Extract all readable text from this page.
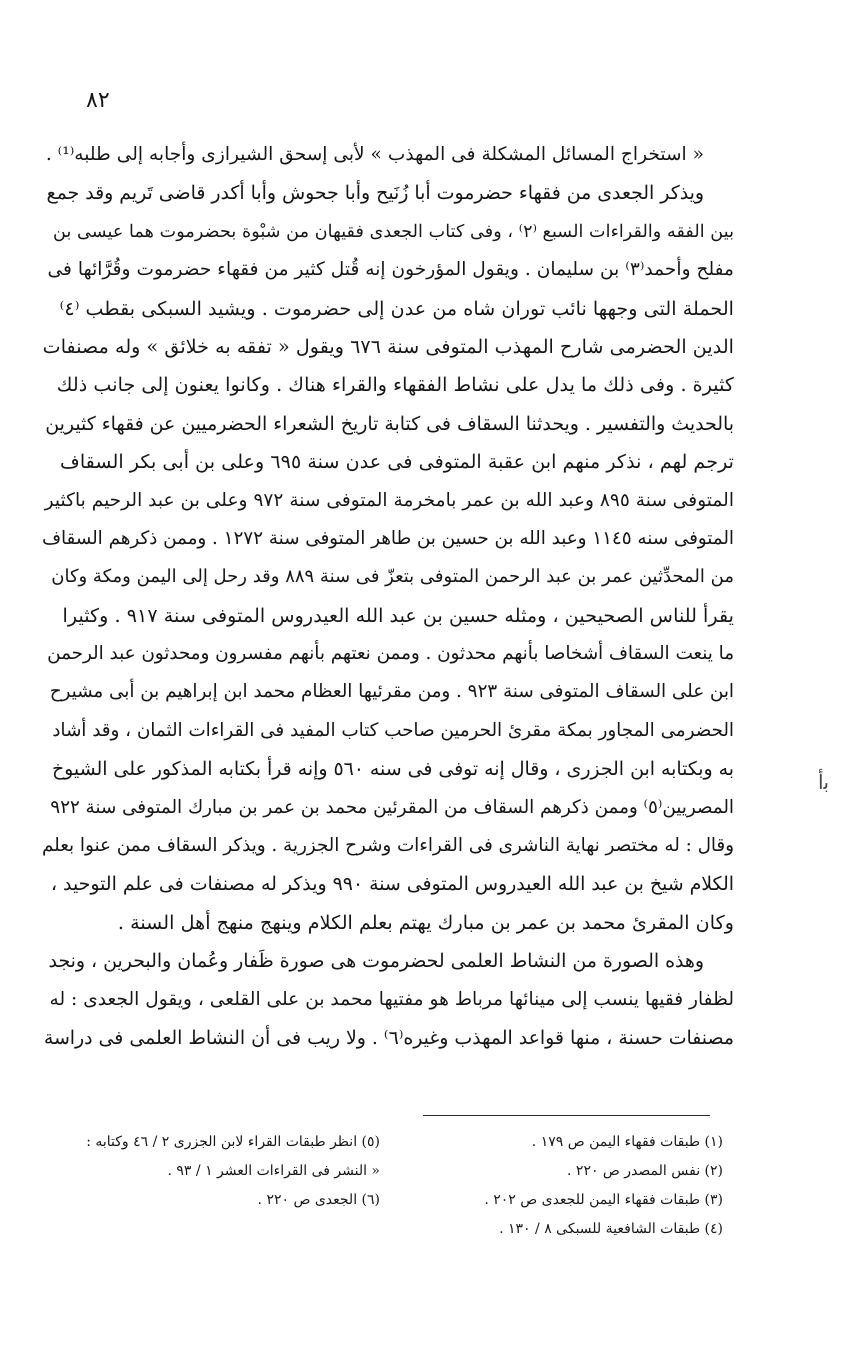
٨٢
« استخراج المسائل المشكلة فى المهذب » لأبى إسحق الشيرازى وأجابه إلى طلبه⁽¹⁾ .
ويذكر الجعدى من فقهاء حضرموت أبا زُنَيح وأبا جحوش وأبا أكدر قاضى تَريم وقد جمع
بين الفقه والقراءات السبع ⁽٢⁾ ، وفى كتاب الجعدى فقيهان من شبْوة بحضرموت هما عيسى بن
مفلح وأحمد⁽٣⁾ بن سليمان . ويقول المؤرخون إنه قُتل كثير من فقهاء حضرموت وقُرَّائها فى
الحملة التى وجهها نائب توران شاه من عدن إلى حضرموت . ويشيد السبكى بقطب ⁽٤⁾
الدين الحضرمى شارح المهذب المتوفى سنة ٦٧٦ ويقول « تفقه به خلائق » وله مصنفات
كثيرة . وفى ذلك ما يدل على نشاط الفقهاء والقراء هناك . وكانوا يعنون إلى جانب ذلك
بالحديث والتفسير . ويحدثنا السقاف فى كتابة تاريخ الشعراء الحضرميين عن فقهاء كثيرين
ترجم لهم ، نذكر منهم ابن عقبة المتوفى فى عدن سنة ٦٩٥ وعلى بن أبى بكر السقاف
المتوفى سنة ٨٩٥ وعبد الله بن عمر بامخرمة المتوفى سنة ٩٧٢ وعلى بن عبد الرحيم باكثير
المتوفى سنه ١١٤٥ وعبد الله بن حسين بن طاهر المتوفى سنة ١٢٧٢ . وممن ذكرهم السقاف
من المحدِّثين عمر بن عبد الرحمن المتوفى بتعزّ فى سنة ٨٨٩ وقد رحل إلى اليمن ومكة وكان
يقرأ للناس الصحيحين ، ومثله حسين بن عبد الله العيدروس المتوفى سنة ٩١٧ . وكثيرا
ما ينعت السقاف أشخاصا بأنهم محدثون . وممن نعتهم بأنهم مفسرون ومحدثون عبد الرحمن
ابن على السقاف المتوفى سنة ٩٢٣ . ومن مقرئيها العظام محمد ابن إبراهيم بن أبى مشيرح
الحضرمى المجاور بمكة مقرئ الحرمين صاحب كتاب المفيد فى القراءات الثمان ، وقد أشاد
به وبكتابه ابن الجزرى ، وقال إنه توفى فى سنه ٥٦٠ وإنه قرأ بكتابه المذكور على الشيوخ
المصريين⁽٥⁾ وممن ذكرهم السقاف من المقرئين محمد بن عمر بن مبارك المتوفى سنة ٩٢٢
وقال : له مختصر نهاية الناشرى فى القراءات وشرح الجزرية . ويذكر السقاف ممن عنوا بعلم
الكلام شيخ بن عبد الله العيدروس المتوفى سنة ٩٩٠ ويذكر له مصنفات فى علم التوحيد ،
وكان المقرئ محمد بن عمر بن مبارك يهتم بعلم الكلام وينهج منهج أهل السنة .
وهذه الصورة من النشاط العلمى لحضرموت هى صورة ظَفار وعُمان والبحرين ، ونجد
لظفار فقيها ينسب إلى مينائها مرباط هو مفتيها محمد بن على القلعى ، ويقول الجعدى : له
مصنفات حسنة ، منها قواعد المهذب وغيره⁽٦⁾ . ولا ريب فى أن النشاط العلمى فى دراسة
(١) طبقات فقهاء اليمن ص ١٧٩ .
(٢) نفس المصدر ص ٢٢٠ .
(٣) طبقات فقهاء اليمن للجعدى ص ٢٠٢ .
(٤) طبقات الشافعية للسبكى ٨ / ١٣٠ .
(٥) انظر طبقات القراء لابن الجزرى ٢ / ٤٦ وكتابه :
« النشر فى القراءات العشر ١ / ٩٣ .
(٦) الجعدى ص ٢٢٠ .
ﺑأ
